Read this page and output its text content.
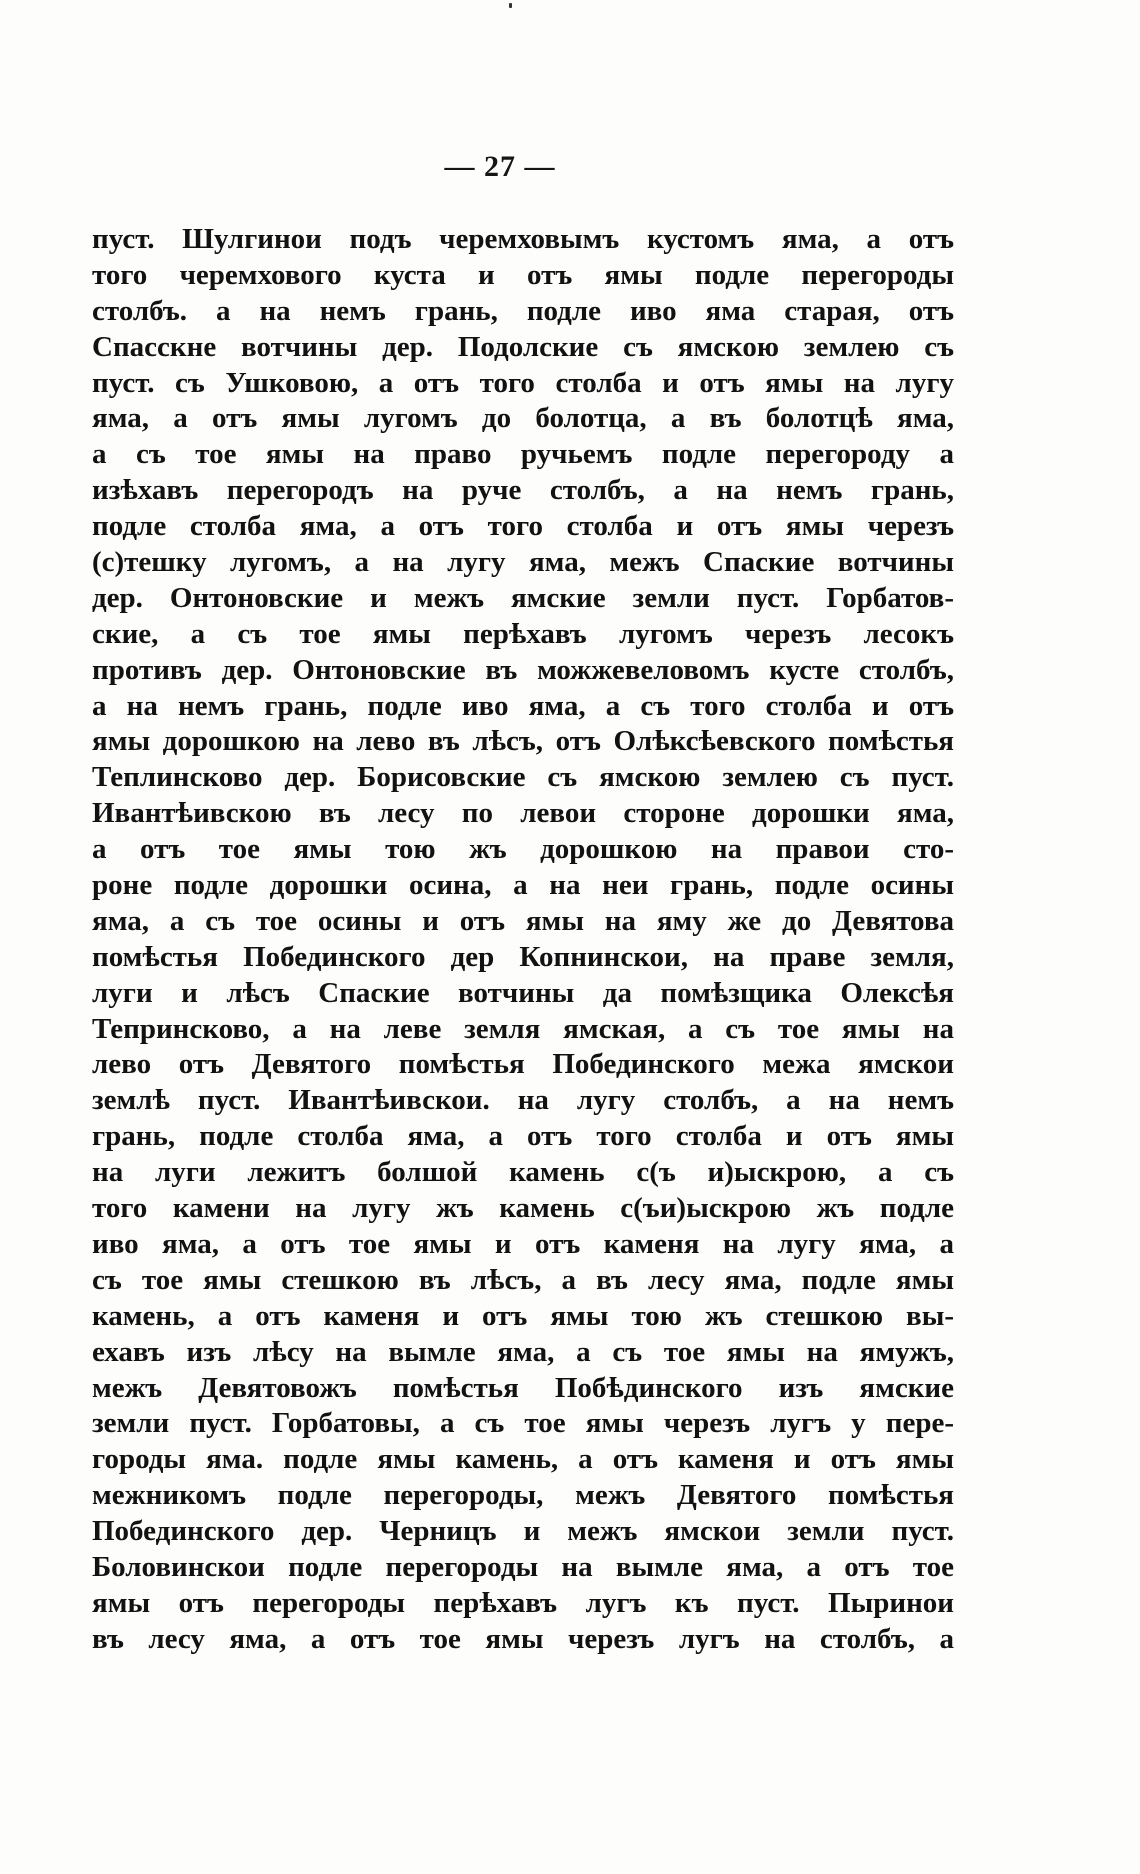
— 27 —
пуст. Шулгинои подъ черемховымъ кустомъ яма, а отъ
того черемхового куста и отъ ямы подле перегороды
столбъ. а на немъ грань, подле иво яма старая, отъ
Спасскне вотчины дер. Подолские съ ямскою землею съ
пуст. съ Ушковою, а отъ того столба и отъ ямы на лугу
яма, а отъ ямы лугомъ до болотца, а въ болотцѣ яма,
а съ тое ямы на право ручьемъ подле перегороду а
изѣхавъ перегородъ на руче столбъ, а на немъ грань,
подле столба яма, а отъ того столба и отъ ямы черезъ
(с)тешку лугомъ, а на лугу яма, межъ Спаские вотчины
дер. Онтоновские и межъ ямские земли пуст. Горбатов-
ские, а съ тое ямы перѣхавъ лугомъ черезъ лесокъ
противъ дер. Онтоновские въ можжевеловомъ кусте столбъ,
а на немъ грань, подле иво яма, а съ того столба и отъ
ямы дорошкою на лево въ лѣсъ, отъ Олѣксѣевского помѣстья
Теплинсково дер. Борисовские съ ямскою землею съ пуст.
Ивантѣивскою въ лесу по левои стороне дорошки яма,
а отъ тое ямы тою жъ дорошкою на правои сто-
роне подле дорошки осина, а на неи грань, подле осины
яма, а съ тое осины и отъ ямы на яму же до Девятова
помѣстья Побединского дер Копнинскои, на праве земля,
луги и лѣсъ Спаские вотчины да помѣзщика Олексѣя
Тепринсково, а на леве земля ямская, а съ тое ямы на
лево отъ Девятого помѣстья Побединского межа ямскои
землѣ пуст. Ивантѣивскои. на лугу столбъ, а на немъ
грань, подле столба яма, а отъ того столба и отъ ямы
на луги лежитъ болшой камень с(ъ и)ыскрою, а съ
того камени на лугу жъ камень с(ъи)ыскрою жъ подле
иво яма, а отъ тое ямы и отъ каменя на лугу яма, а
съ тое ямы стешкою въ лѣсъ, а въ лесу яма, подле ямы
камень, а отъ каменя и отъ ямы тою жъ стешкою вы-
ехавъ изъ лѣсу на вымле яма, а съ тое ямы на ямужъ,
межъ Девятовожъ помѣстья Побѣдинского изъ ямские
земли пуст. Горбатовы, а съ тое ямы черезъ лугъ у пере-
городы яма. подле ямы камень, а отъ каменя и отъ ямы
межникомъ подле перегороды, межъ Девятого помѣстья
Побединского дер. Черницъ и межъ ямскои земли пуст.
Боловинскои подле перегороды на вымле яма, а отъ тое
ямы отъ перегороды перѣхавъ лугъ къ пуст. Пыринои
въ лесу яма, а отъ тое ямы черезъ лугъ на столбъ, а
